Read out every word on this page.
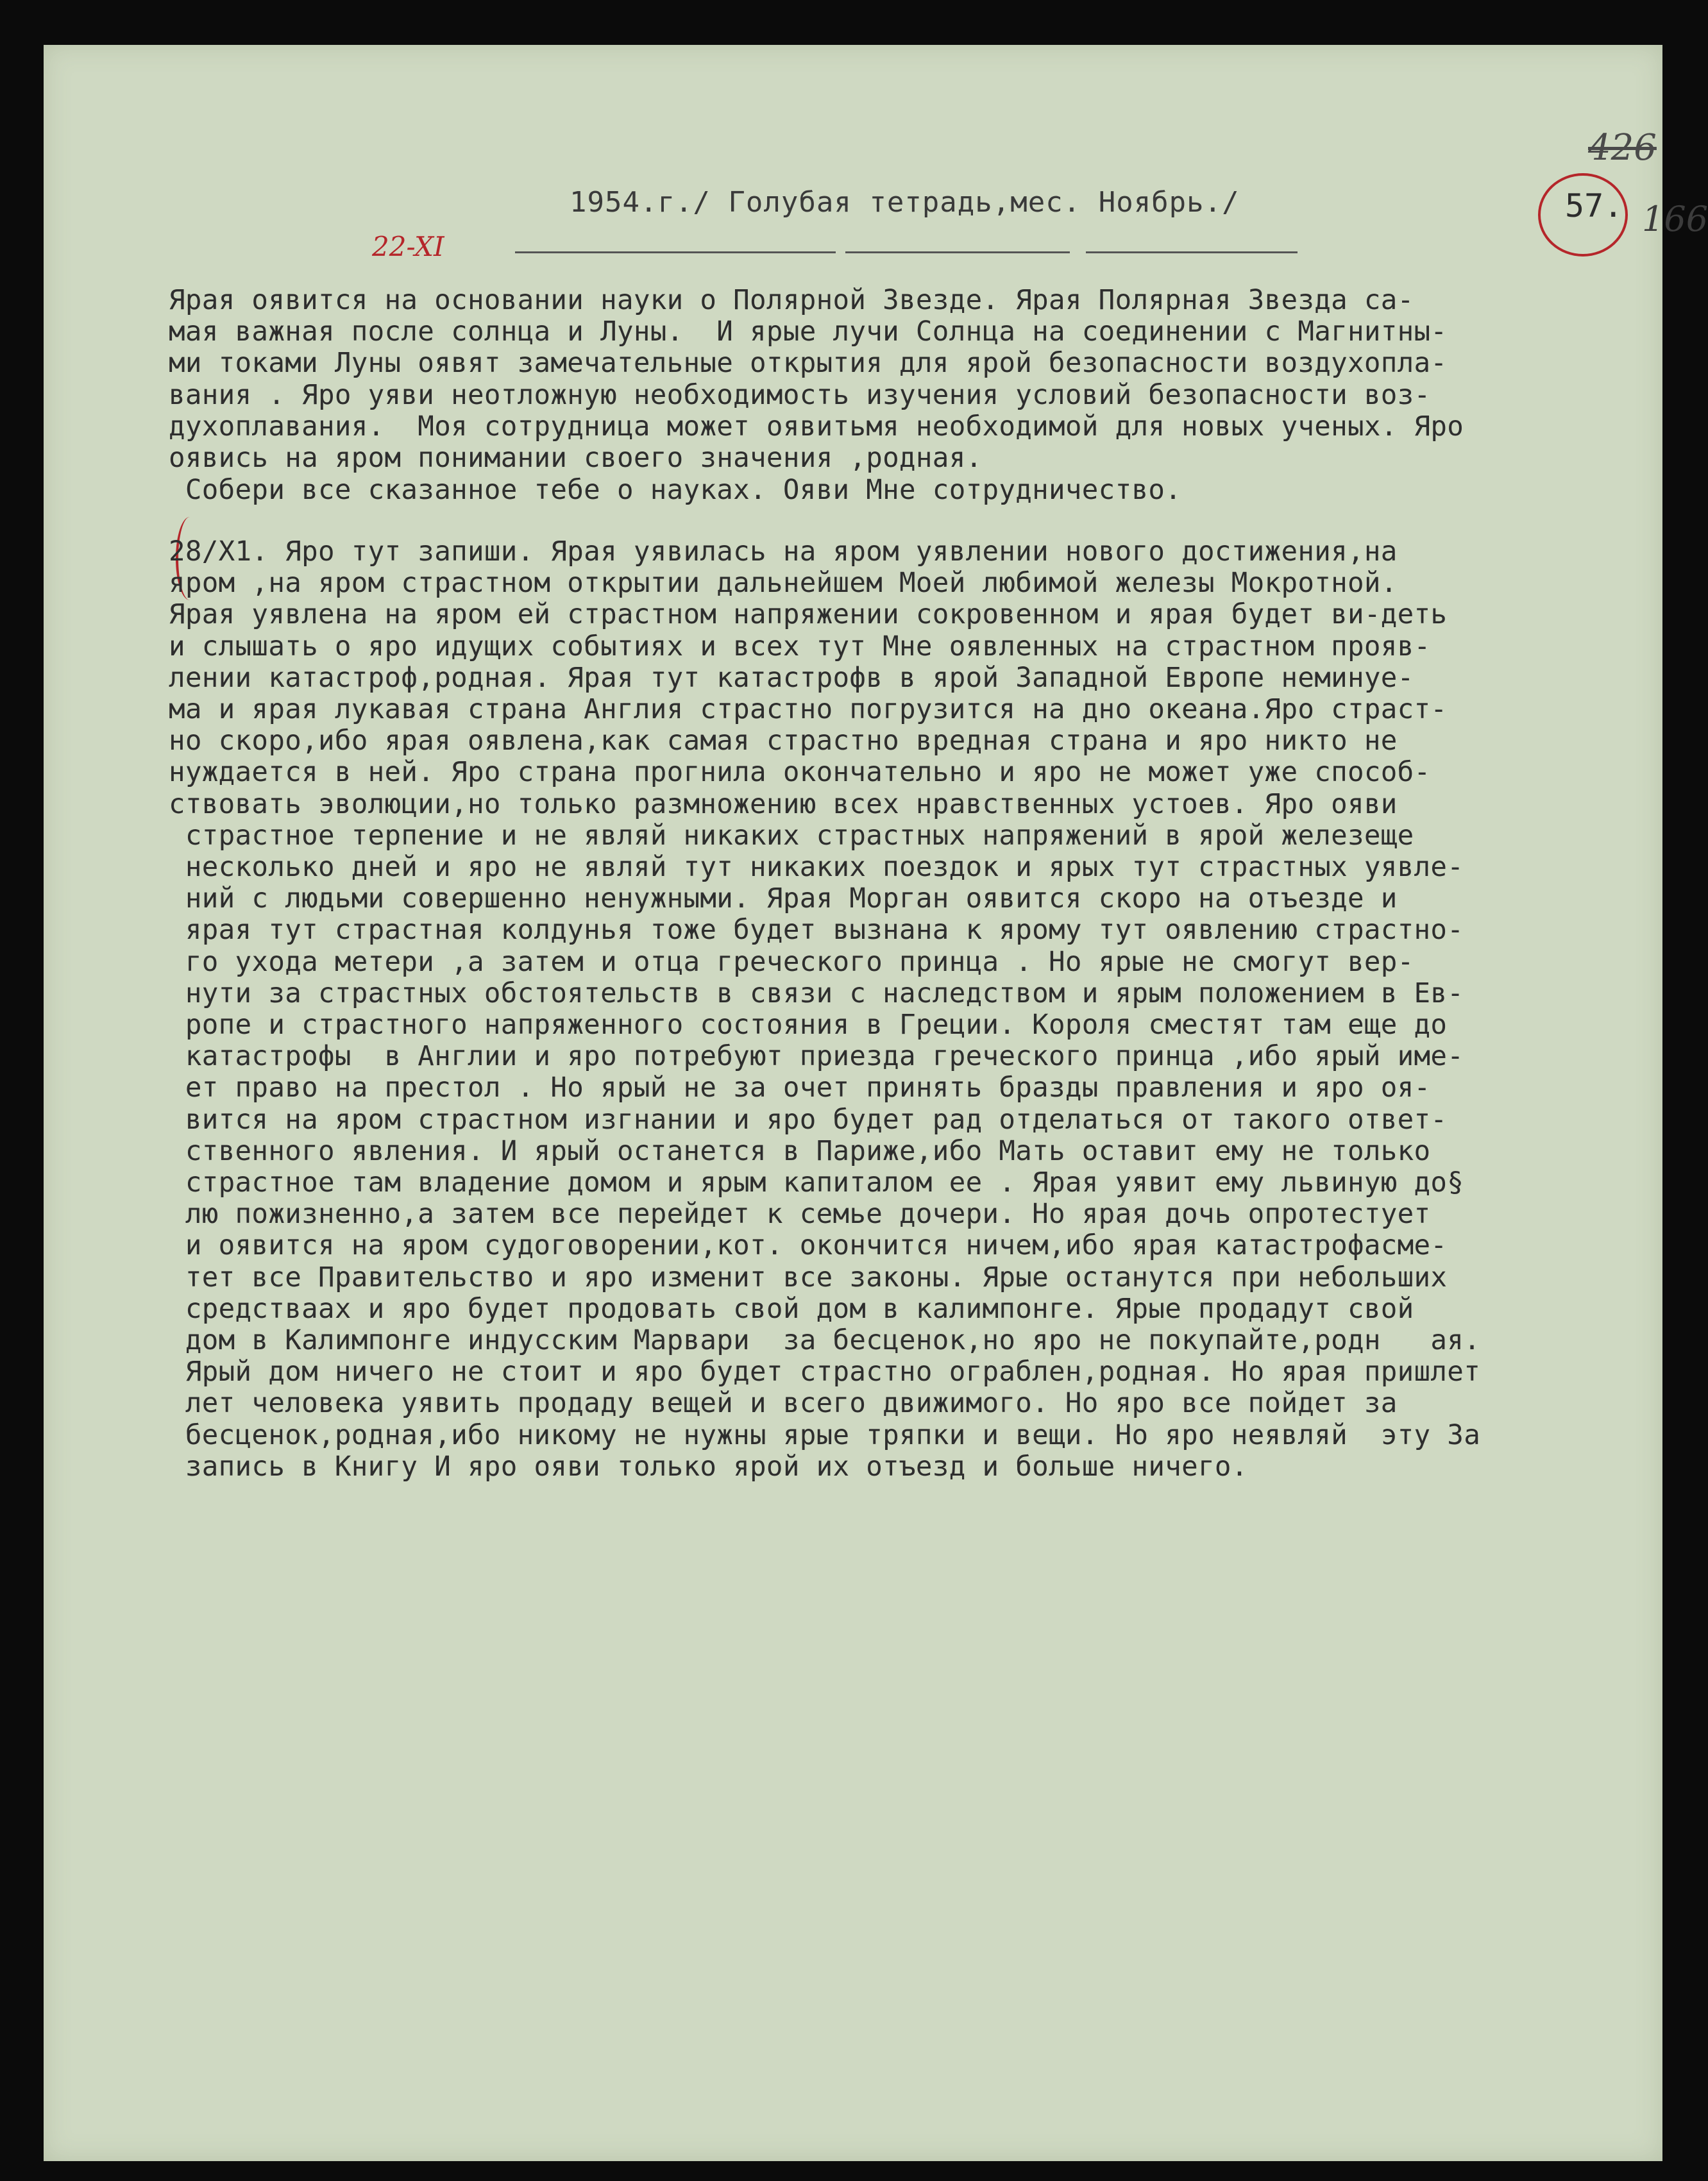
1954.г./ Голубая тетрадь,мес. Ноябрь./
22-XI
426
57. 166
Ярая оявится на основании науки о Полярной Звезде. Ярая Полярная Звезда са-
мая важная после солнца и Луны.  И ярые лучи Солнца на соединении с Магнитны-
ми токами Луны оявят замечательные открытия для ярой безопасности воздухопла-
вания . Яро уяви неотложную необходимость изучения условий безопасности воз-
духоплавания.  Моя сотрудница может оявитьмя необходимой для новых ученых. Яро
оявись на яром понимании своего значения ,родная.
Собери все сказанное тебе о науках. Ояви Мне сотрудничество.
28/Х1. Яро тут запиши. Ярая уявилась на яром уявлении нового достижения,на
яром ,на яром страстном открытии дальнейшем Моей любимой железы Мокротной.
Ярая уявлена на яром ей страстном напряжении сокровенном и ярая будет ви-деть
и слышать о яро идущих событиях и всех тут Мне оявленных на страстном прояв-
лении катастроф,родная. Ярая тут катастрофв в ярой Западной Европе неминуе-
ма и ярая лукавая страна Англия страстно погрузится на дно океана.Яро страст-
но скоро,ибо ярая оявлена,как самая страстно вредная страна и яро никто не
нуждается в ней. Яро страна прогнила окончательно и яро не может уже способ-
ствовать эволюции,но только размножению всех нравственных устоев. Яро ояви
страстное терпение и не являй никаких страстных напряжений в ярой железеще
несколько дней и яро не являй тут никаких поездок и ярых тут страстных уявле-
ний с людьми совершенно ненужными. Ярая Морган оявится скоро на отъезде и
ярая тут страстная колдунья тоже будет вызнана к ярому тут оявлению страстно-
го ухода метери ,а затем и отца греческого принца . Но ярые не смогут вер-
нути за страстных обстоятельств в связи с наследством и ярым положением в Ев-
ропе и страстного напряженного состояния в Греции. Короля сместят там еще до
катастрофы  в Англии и яро потребуют приезда греческого принца ,ибо ярый име-
ет право на престол . Но ярый не за очет принять бразды правления и яро оя-
вится на яром страстном изгнании и яро будет рад отделаться от такого ответ-
ственного явления. И ярый останется в Париже,ибо Мать оставит ему не только
страстное там владение домом и ярым капиталом ее . Ярая уявит ему львиную до§
лю пожизненно,а затем все перейдет к семье дочери. Но ярая дочь опротестует
и оявится на яром судоговорении,кот. окончится ничем,ибо ярая катастрофасме-
тет все Правительство и яро изменит все законы. Ярые останутся при небольших
средстваах и яро будет продовать свой дом в калимпонге. Ярые продадут свой
дом в Калимпонге индусским Марвари  за бесценок,но яро не покупайте,родн   ая.
Ярый дом ничего не стоит и яро будет страстно ограблен,родная. Но ярая пришлет
лет человека уявить продаду вещей и всего движимого. Но яро все пойдет за
бесценок,родная,ибо никому не нужны ярые тряпки и вещи. Но яро неявляй  эту За
запись в Книгу И яро ояви только ярой их отъезд и больше ничего.
